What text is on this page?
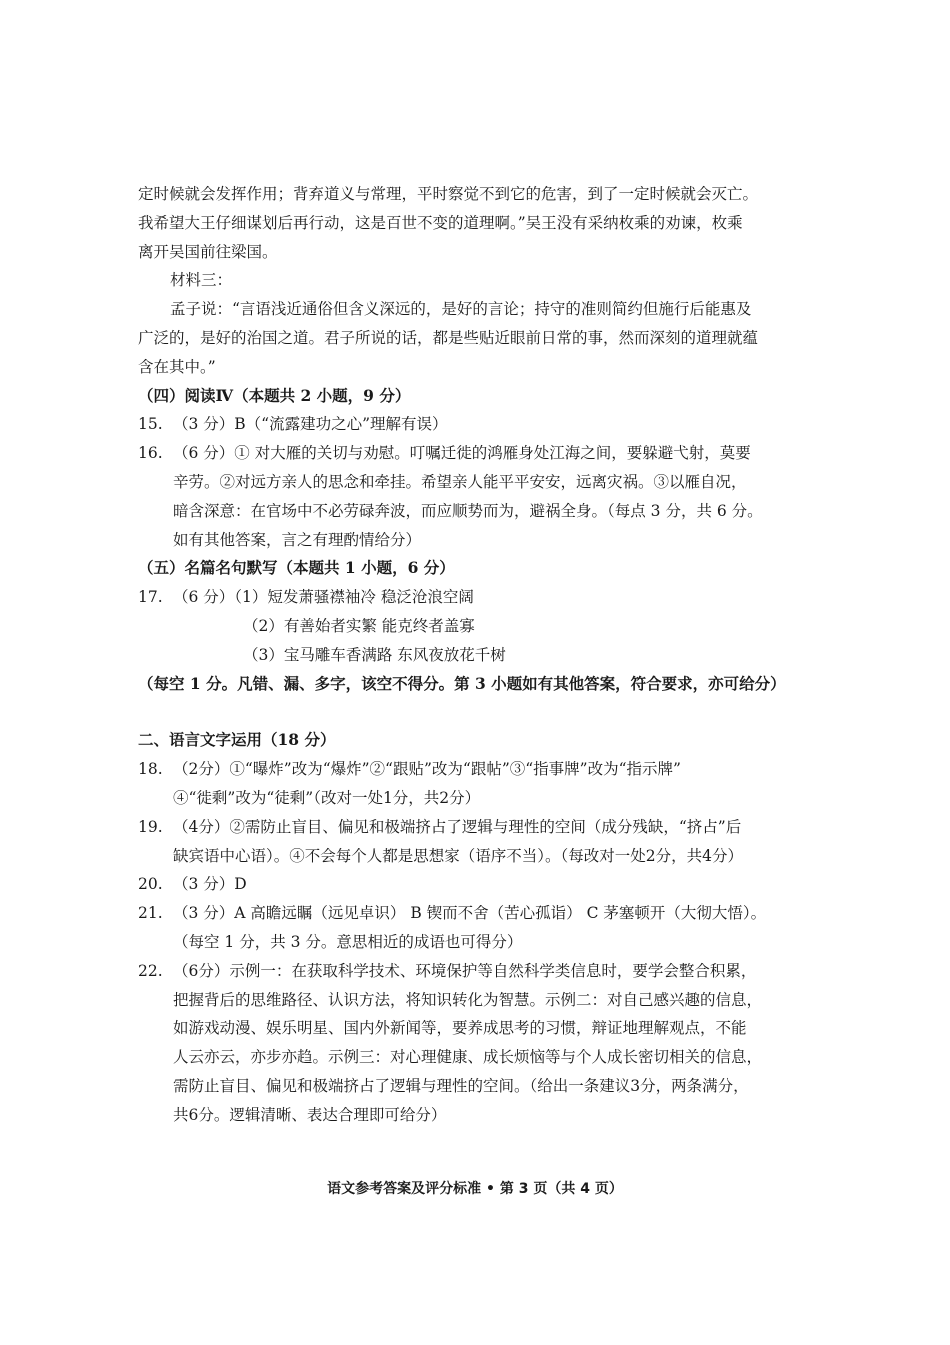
定时候就会发挥作用；背弃道义与常理，平时察觉不到它的危害，到了一定时候就会灭亡。

我希望大王仔细谋划后再行动，这是百世不变的道理啊。”吴王没有采纳枚乘的劝谏，枚乘

离开吴国前往梁国。

材料三：

孟子说：“言语浅近通俗但含义深远的，是好的言论；持守的准则简约但施行后能惠及

广泛的，是好的治国之道。君子所说的话，都是些贴近眼前日常的事，然而深刻的道理就蕴

含在其中。”

（四）阅读Ⅳ（本题共 2 小题，9 分）

15. （3 分）B（“流露建功之心”理解有误）
16. （6 分）① 对大雁的关切与劝慰。叮嘱迁徙的鸿雁身处江海之间，要躲避弋射，莫要
辛劳。②对远方亲人的思念和牵挂。希望亲人能平平安安，远离灾祸。③以雁自况，
暗含深意：在官场中不必劳碌奔波，而应顺势而为，避祸全身。（每点 3 分，共 6 分。
如有其他答案，言之有理酌情给分）

（五）名篇名句默写（本题共 1 小题，6 分）

17. （6 分）（1）短发萧骚襟袖冷 稳泛沧浪空阔
（2）有善始者实繁 能克终者盖寡
（3）宝马雕车香满路 东风夜放花千树

（每空 1 分。凡错、漏、多字，该空不得分。第 3 小题如有其他答案，符合要求，亦可给分）

二、语言文字运用（18 分）

18. （2分）①“曝炸”改为“爆炸”②“跟贴”改为“跟帖”③“指事牌”改为“指示牌”
④“徙剩”改为“徒剩”（改对一处1分，共2分）
19. （4分）②需防止盲目、偏见和极端挤占了逻辑与理性的空间（成分残缺，“挤占”后
缺宾语中心语）。④不会每个人都是思想家（语序不当）。（每改对一处2分，共4分）
20. （3 分）D
21. （3 分）A 高瞻远瞩（远见卓识） B 锲而不舍（苦心孤诣） C 茅塞顿开（大彻大悟）。
（每空 1 分，共 3 分。意思相近的成语也可得分）
22. （6分）示例一：在获取科学技术、环境保护等自然科学类信息时，要学会整合积累，
把握背后的思维路径、认识方法，将知识转化为智慧。示例二：对自己感兴趣的信息，
如游戏动漫、娱乐明星、国内外新闻等，要养成思考的习惯，辩证地理解观点，不能
人云亦云，亦步亦趋。示例三：对心理健康、成长烦恼等与个人成长密切相关的信息，
需防止盲目、偏见和极端挤占了逻辑与理性的空间。（给出一条建议3分，两条满分，
共6分。逻辑清晰、表达合理即可给分）
语文参考答案及评分标准 • 第 3 页（共 4 页）
